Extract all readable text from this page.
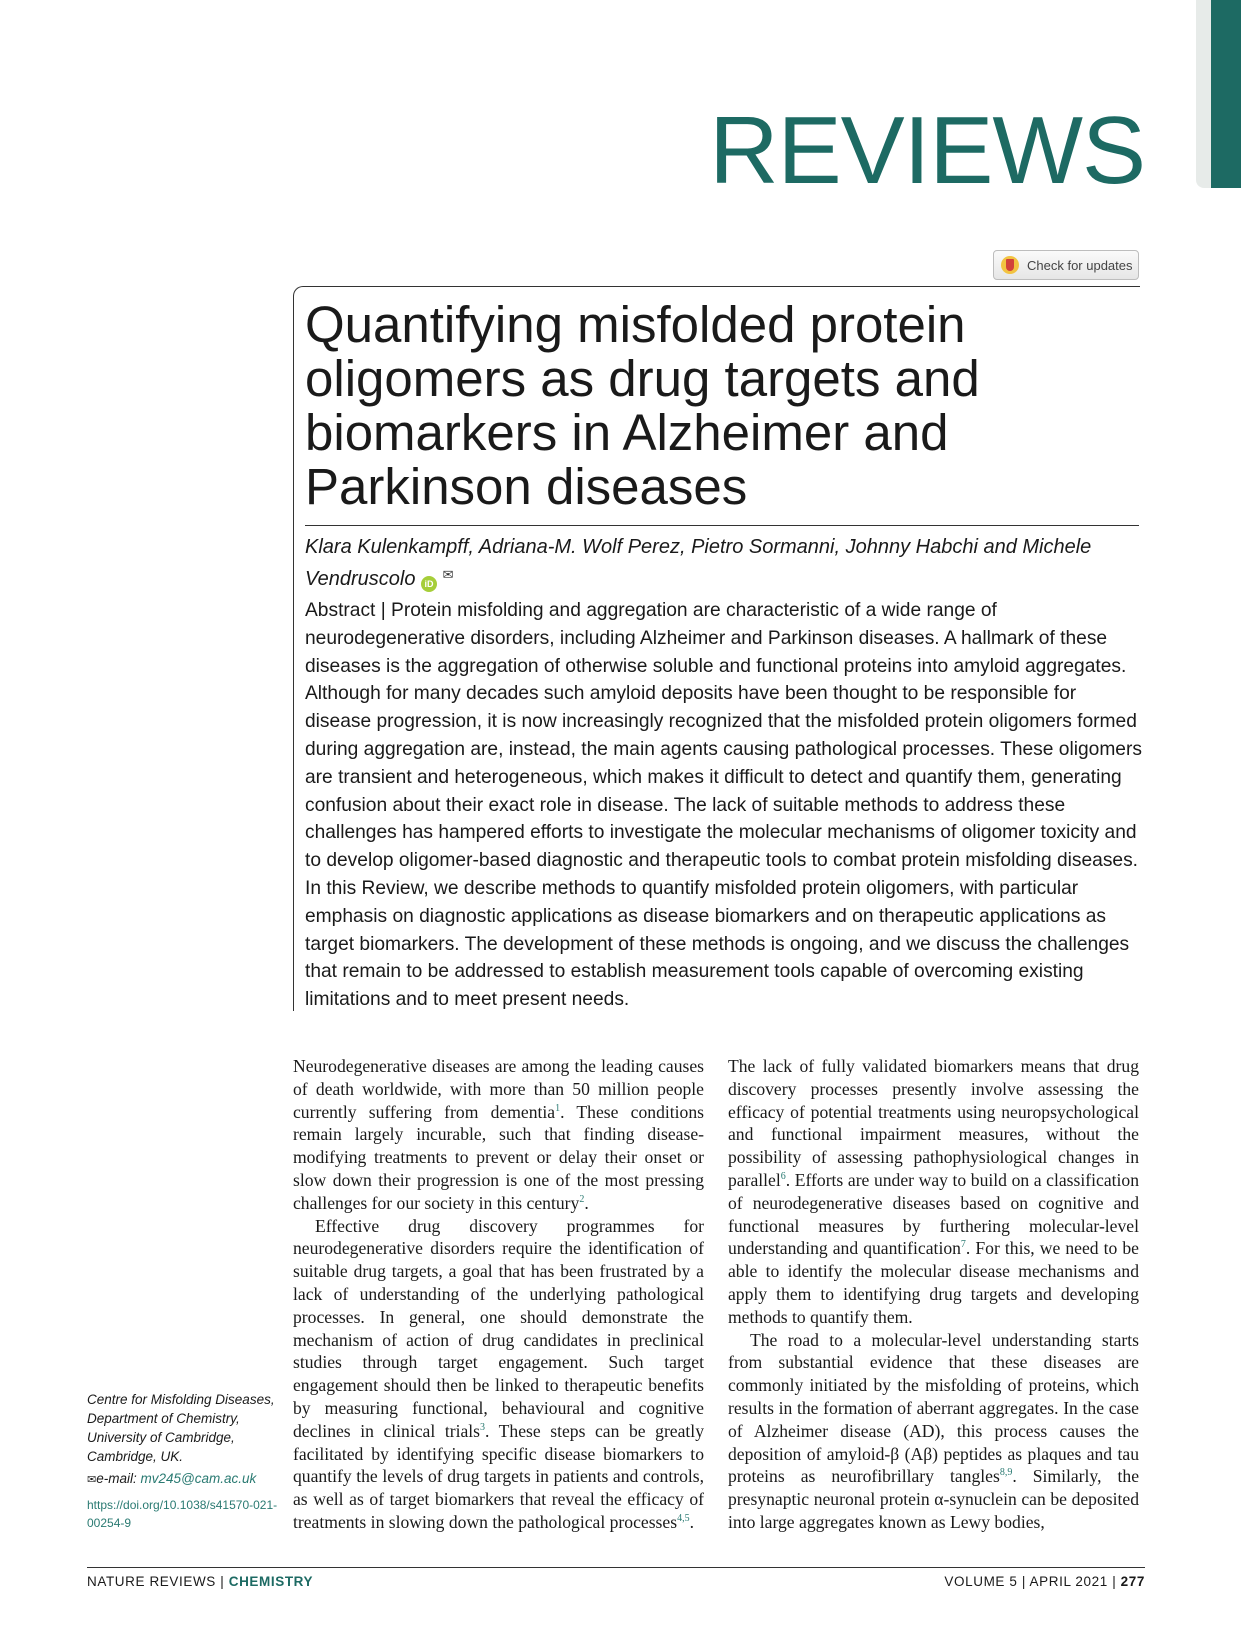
REVIEWS
Check for updates
Quantifying misfolded protein oligomers as drug targets and biomarkers in Alzheimer and Parkinson diseases
Klara Kulenkampff, Adriana-M. Wolf Perez, Pietro Sormanni, Johnny Habchi and Michele Vendruscolo iD ✉
Abstract | Protein misfolding and aggregation are characteristic of a wide range of neurodegenerative disorders, including Alzheimer and Parkinson diseases. A hallmark of these diseases is the aggregation of otherwise soluble and functional proteins into amyloid aggregates. Although for many decades such amyloid deposits have been thought to be responsible for disease progression, it is now increasingly recognized that the misfolded protein oligomers formed during aggregation are, instead, the main agents causing pathological processes. These oligomers are transient and heterogeneous, which makes it difficult to detect and quantify them, generating confusion about their exact role in disease. The lack of suitable methods to address these challenges has hampered efforts to investigate the molecular mechanisms of oligomer toxicity and to develop oligomer-based diagnostic and therapeutic tools to combat protein misfolding diseases. In this Review, we describe methods to quantify misfolded protein oligomers, with particular emphasis on diagnostic applications as disease biomarkers and on therapeutic applications as target biomarkers. The development of these methods is ongoing, and we discuss the challenges that remain to be addressed to establish measurement tools capable of overcoming existing limitations and to meet present needs.

Neurodegenerative diseases are among the leading causes of death worldwide, with more than 50 million people currently suffering from dementia$^1$. These conditions remain largely incurable, such that finding disease-modifying treatments to prevent or delay their onset or slow down their progression is one of the most pressing challenges for our society in this century$^2$.

Effective drug discovery programmes for neurodegenerative disorders require the identification of suitable drug targets, a goal that has been frustrated by a lack of understanding of the underlying pathological processes. In general, one should demonstrate the mechanism of action of drug candidates in preclinical studies through target engagement. Such target engagement should then be linked to therapeutic benefits by measuring functional, behavioural and cognitive declines in clinical trials$^3$. These steps can be greatly facilitated by identifying specific disease biomarkers to quantify the levels of drug targets in patients and controls, as well as of target biomarkers that reveal the efficacy of treatments in slowing down the pathological processes$^{4,5}$.

The lack of fully validated biomarkers means that drug discovery processes presently involve assessing the efficacy of potential treatments using neuropsychological and functional impairment measures, without the possibility of assessing pathophysiological changes in parallel$^6$. Efforts are under way to build on a classification of neurodegenerative diseases based on cognitive and functional measures by furthering molecular-level understanding and quantification$^7$. For this, we need to be able to identify the molecular disease mechanisms and apply them to identifying drug targets and developing methods to quantify them.

The road to a molecular-level understanding starts from substantial evidence that these diseases are commonly initiated by the misfolding of proteins, which results in the formation of aberrant aggregates. In the case of Alzheimer disease (AD), this process causes the deposition of amyloid-β (Aβ) peptides as plaques and tau proteins as neurofibrillary tangles$^{8,9}$. Similarly, the presynaptic neuronal protein α-synuclein can be deposited into large aggregates known as Lewy bodies,

Centre for Misfolding Diseases, Department of Chemistry, University of Cambridge, Cambridge, UK.
✉e-mail: mv245@cam.ac.uk
https://doi.org/10.1038/s41570-021-00254-9
NATURE REVIEWS | CHEMISTRY	VOLUME 5 | APRIL 2021 | 277
